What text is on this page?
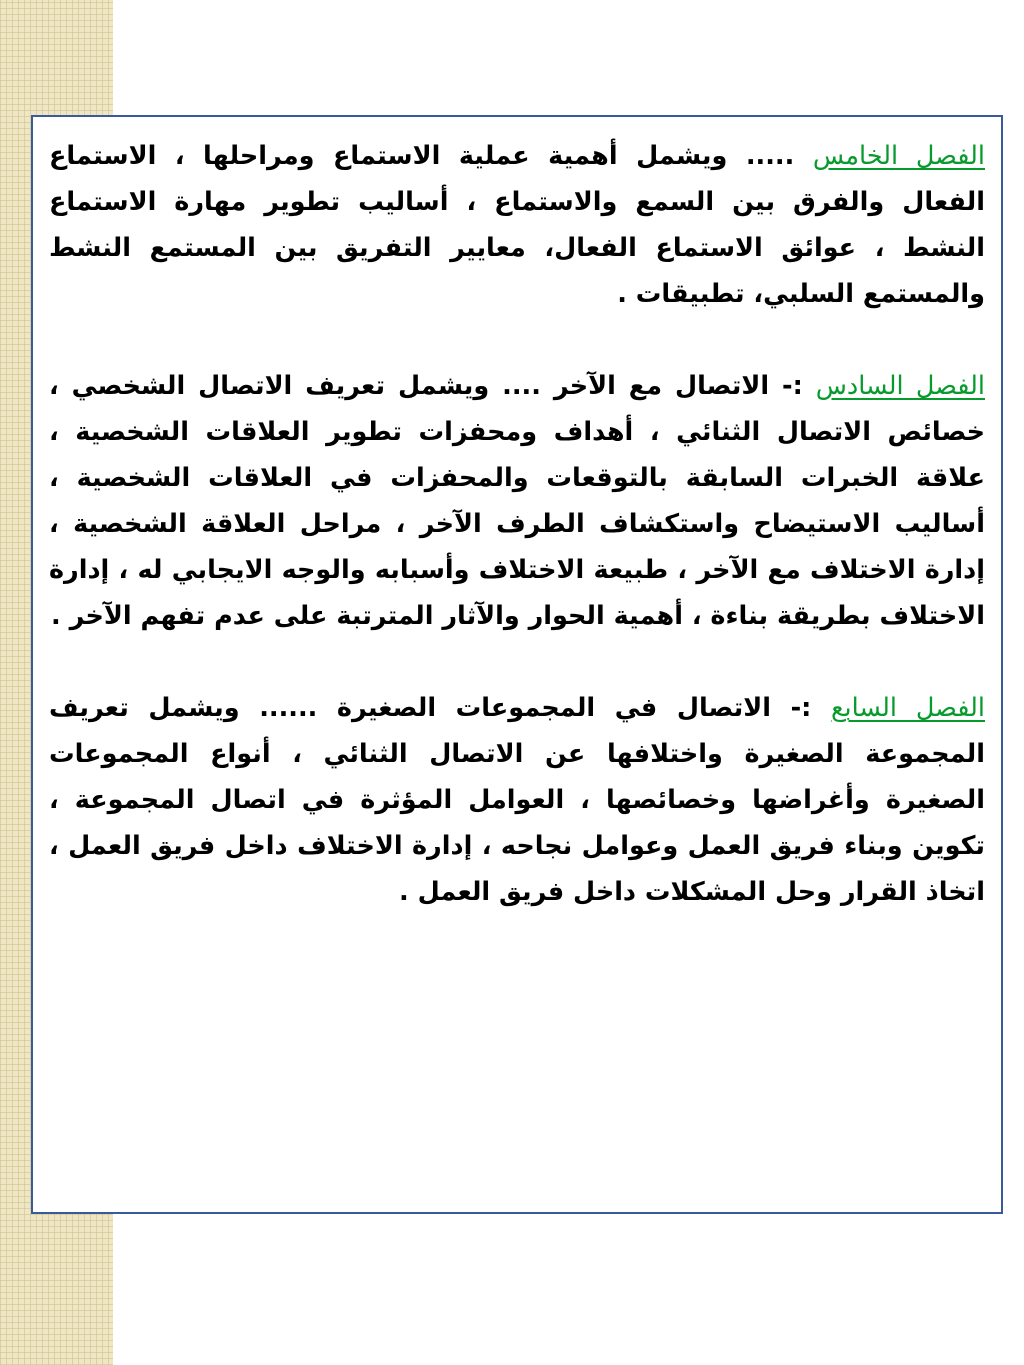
الفصل الخامس ..... ويشمل أهمية عملية الاستماع ومراحلها ، الاستماع الفعال والفرق بين السمع والاستماع ، أساليب تطوير مهارة الاستماع النشط ، عوائق الاستماع الفعال، معايير التفريق بين المستمع النشط والمستمع السلبي، تطبيقات .

الفصل السادس :- الاتصال مع الآخر .... ويشمل تعريف الاتصال الشخصي ، خصائص الاتصال الثنائي ، أهداف ومحفزات تطوير العلاقات الشخصية ، علاقة الخبرات السابقة بالتوقعات والمحفزات في العلاقات الشخصية ، أساليب الاستيضاح واستكشاف الطرف الآخر ، مراحل العلاقة الشخصية ، إدارة الاختلاف مع الآخر ، طبيعة الاختلاف وأسبابه والوجه الايجابي له ، إدارة الاختلاف بطريقة بناءة ، أهمية الحوار والآثار المترتبة على عدم تفهم الآخر .

الفصل السابع :- الاتصال في المجموعات الصغيرة ...... ويشمل تعريف المجموعة الصغيرة واختلافها عن الاتصال الثنائي ، أنواع المجموعات الصغيرة وأغراضها وخصائصها ، العوامل المؤثرة في اتصال المجموعة ، تكوين وبناء فريق العمل وعوامل نجاحه ، إدارة الاختلاف داخل فريق العمل ، اتخاذ القرار وحل المشكلات داخل فريق العمل .
